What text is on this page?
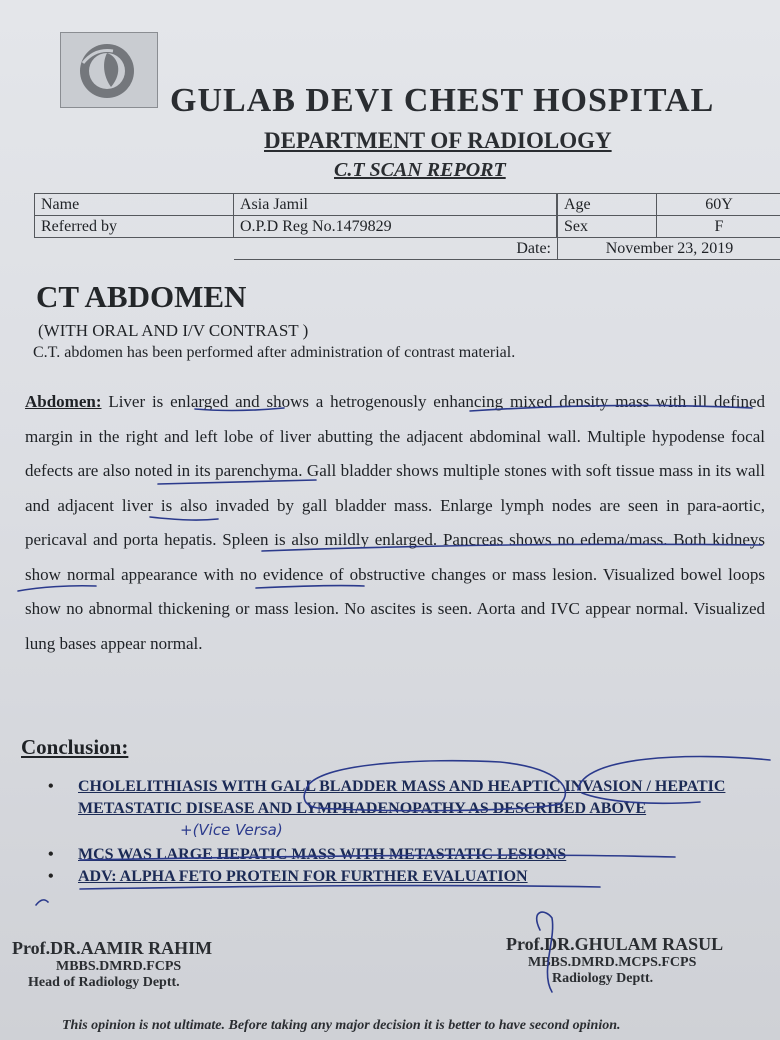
GULAB DEVI CHEST HOSPITAL
DEPARTMENT OF RADIOLOGY
C.T SCAN REPORT
Name	Asia Jamil		Age	60Y
Referred by	O.P.D Reg No.1479829	Sex	F
	Date:	November 23, 2019	
CT ABDOMEN
(WITH ORAL AND I/V CONTRAST )
C.T. abdomen has been performed after administration of contrast material.

Abdomen: Liver is enlarged and shows a hetrogenously enhancing mixed density mass with ill defined margin in the right and left lobe of liver abutting the adjacent abdominal wall. Multiple hypodense focal defects are also noted in its parenchyma. Gall bladder shows multiple stones with soft tissue mass in its wall and adjacent liver is also invaded by gall bladder mass. Enlarge lymph nodes are seen in para-aortic, pericaval and porta hepatis. Spleen is also mildly enlarged. Pancreas shows no edema/mass. Both kidneys show normal appearance with no evidence of obstructive changes or mass lesion. Visualized bowel loops show no abnormal thickening or mass lesion. No ascites is seen. Aorta and IVC appear normal. Visualized lung bases appear normal.

Conclusion:
• CHOLELITHIASIS WITH GALL BLADDER MASS AND HEAPTIC INVASION / HEPATIC METASTATIC DISEASE AND LYMPHADENOPATHY AS DESCRIBED ABOVE
• MCS WAS LARGE HEPATIC MASS WITH METASTATIC LESIONS
• ADV: ALPHA FETO PROTEIN FOR FURTHER EVALUATION
+(Vice Versa)
Prof.DR.AAMIR RAHIM
MBBS.DMRD.FCPS
Head of Radiology Deptt.
Prof.DR.GHULAM RASUL
MBBS.DMRD.MCPS.FCPS
Radiology Deptt.
This opinion is not ultimate. Before taking any major decision it is better to have second opinion.
